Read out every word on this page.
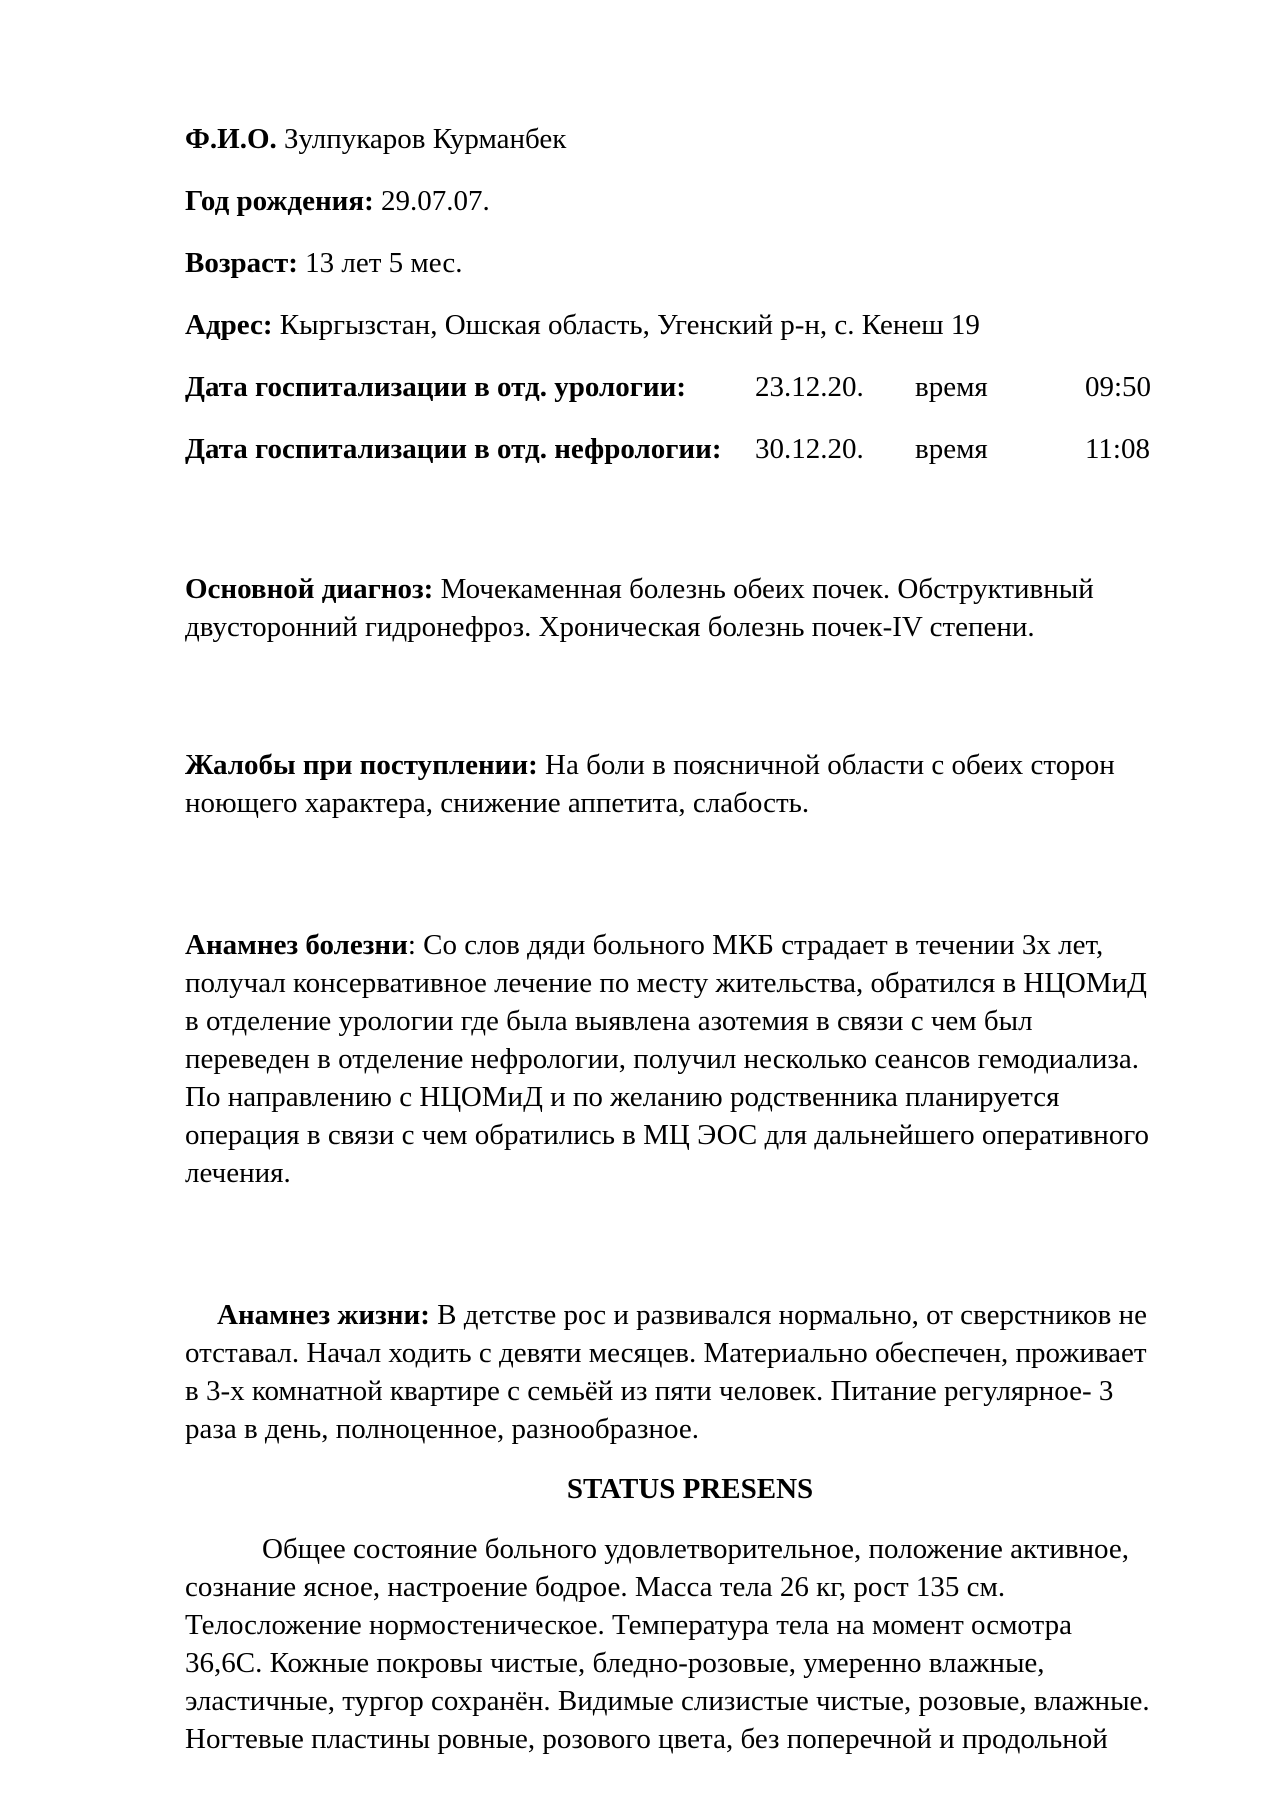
Ф.И.О. Зулпукаров Курманбек
Год рождения: 29.07.07.
Возраст: 13 лет 5 мес.
Адрес: Кыргызстан, Ошская область, Угенский р-н, с. Кенеш 19
Дата госпитализации в отд. урологии:	23.12.20.	время	09:50
Дата госпитализации в отд. нефрологии:	30.12.20.	время	11:08

Основной диагноз: Мочекаменная болезнь обеих почек. Обструктивный

двусторонний гидронефроз. Хроническая болезнь почек-IV степени.

Жалобы при поступлении: На боли в поясничной области с обеих сторон

ноющего характера, снижение аппетита, слабость.

Анамнез болезни: Со слов дяди больного МКБ страдает в течении 3х лет,

получал консервативное лечение по месту жительства, обратился в НЦОМиД

в отделение урологии где была выявлена азотемия в связи с чем был

переведен в отделение нефрологии, получил несколько сеансов гемодиализа.

По направлению с НЦОМиД и по желанию родственника планируется

операция в связи с чем обратились в МЦ ЭОС для дальнейшего оперативного

лечения.

Анамнез жизни: В детстве рос и развивался нормально, от сверстников не

отставал. Начал ходить с девяти месяцев. Материально обеспечен, проживает

в 3-х комнатной квартире с семьёй из пяти человек. Питание регулярное- 3

раза в день, полноценное, разнообразное.

STATUS PRESENS

Общее состояние больного удовлетворительное, положение активное,

сознание ясное, настроение бодрое. Масса тела 26 кг, рост 135 см.

Телосложение нормостеническое. Температура тела на момент осмотра

36,6С. Кожные покровы чистые, бледно-розовые, умеренно влажные,

эластичные, тургор сохранён. Видимые слизистые чистые, розовые, влажные.

Ногтевые пластины ровные, розового цвета, без поперечной и продольной
